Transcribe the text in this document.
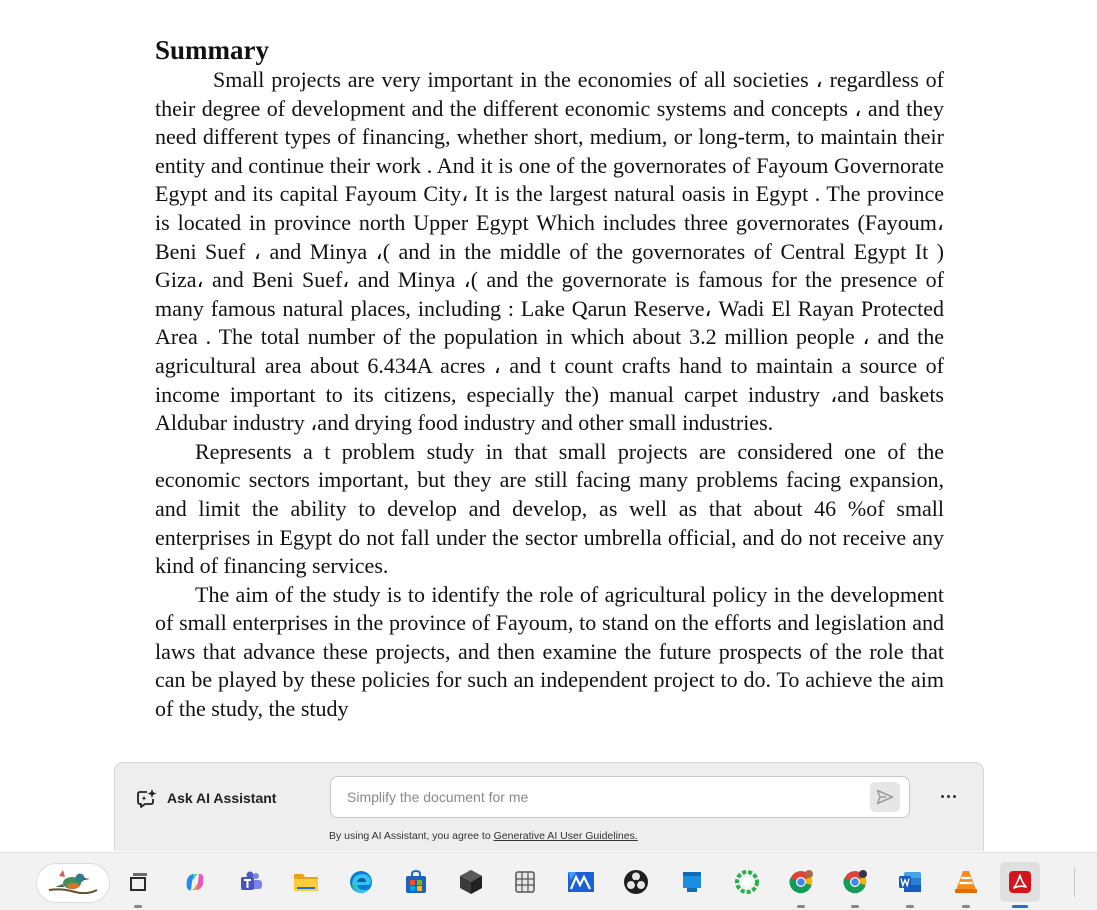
Summary

Small projects are very important in the economies of all societies ، regardless of their degree of development and the different economic systems and concepts ، and they need different types of financing, whether short, medium, or long-term, to maintain their entity and continue their work . And it is one of the governorates of Fayoum Governorate Egypt and its capital Fayoum City، It is the largest natural oasis in Egypt . The province is located in province north Upper Egypt Which includes three governorates (Fayoum، Beni Suef ، and Minya ،( and in the middle of the governorates of Central Egypt It ) Giza، and Beni Suef، and Minya ،( and the governorate is famous for the presence of many famous natural places, including : Lake Qarun Reserve، Wadi El Rayan Protected Area . The total number of the population in which about 3.2 million people ، and the agricultural area about 6.434A acres ، and t count crafts hand to maintain a source of income important to its citizens, especially the) manual carpet industry ،and baskets Aldubar industry ،and drying food industry and other small industries.

Represents a t problem study in that small projects are considered one of the economic sectors important, but they are still facing many problems facing expansion, and limit the ability to develop and develop, as well as that about 46 %of small enterprises in Egypt do not fall under the sector umbrella official, and do not receive any kind of financing services.

The aim of the study is to identify the role of agricultural policy in the development of small enterprises in the province of Fayoum, to stand on the efforts and legislation and laws that advance these projects, and then examine the future prospects of the role that can be played by these policies for such an independent project to do. To achieve the aim of the study, the study

Ask AI Assistant
Simplify the document for me
By using AI Assistant, you agree to Generative AI User Guidelines.
